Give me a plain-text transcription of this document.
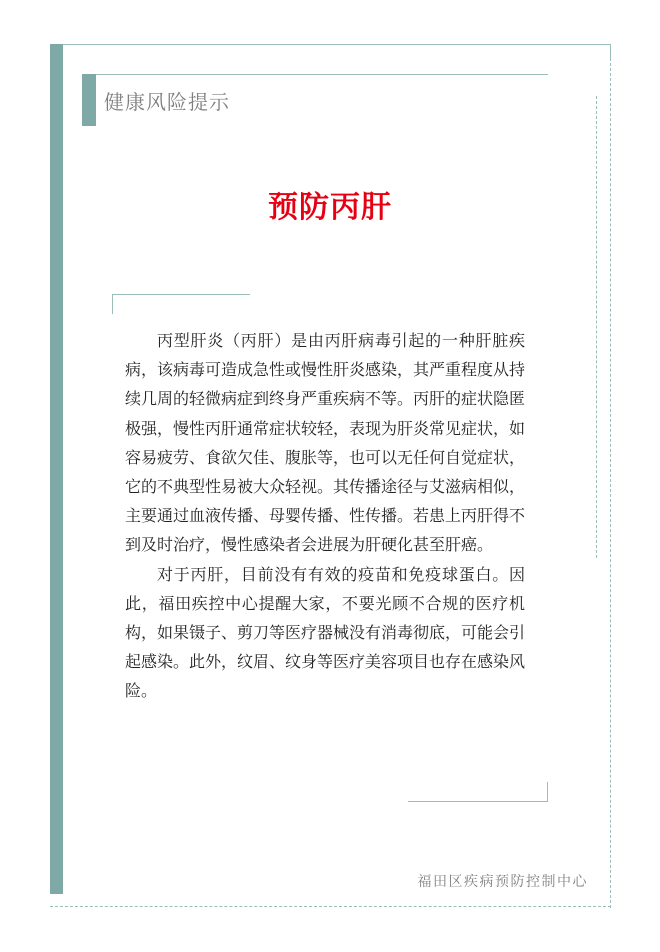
健康风险提示
预防丙肝

丙型肝炎（丙肝）是由丙肝病毒引起的一种肝脏疾病，该病毒可造成急性或慢性肝炎感染，其严重程度从持续几周的轻微病症到终身严重疾病不等。丙肝的症状隐匿极强，慢性丙肝通常症状较轻，表现为肝炎常见症状，如容易疲劳、食欲欠佳、腹胀等，也可以无任何自觉症状，它的不典型性易被大众轻视。其传播途径与艾滋病相似，主要通过血液传播、母婴传播、性传播。若患上丙肝得不到及时治疗，慢性感染者会进展为肝硬化甚至肝癌。

对于丙肝，目前没有有效的疫苗和免疫球蛋白。因此，福田疾控中心提醒大家，不要光顾不合规的医疗机构，如果镊子、剪刀等医疗器械没有消毒彻底，可能会引起感染。此外，纹眉、纹身等医疗美容项目也存在感染风险。

福田区疾病预防控制中心
